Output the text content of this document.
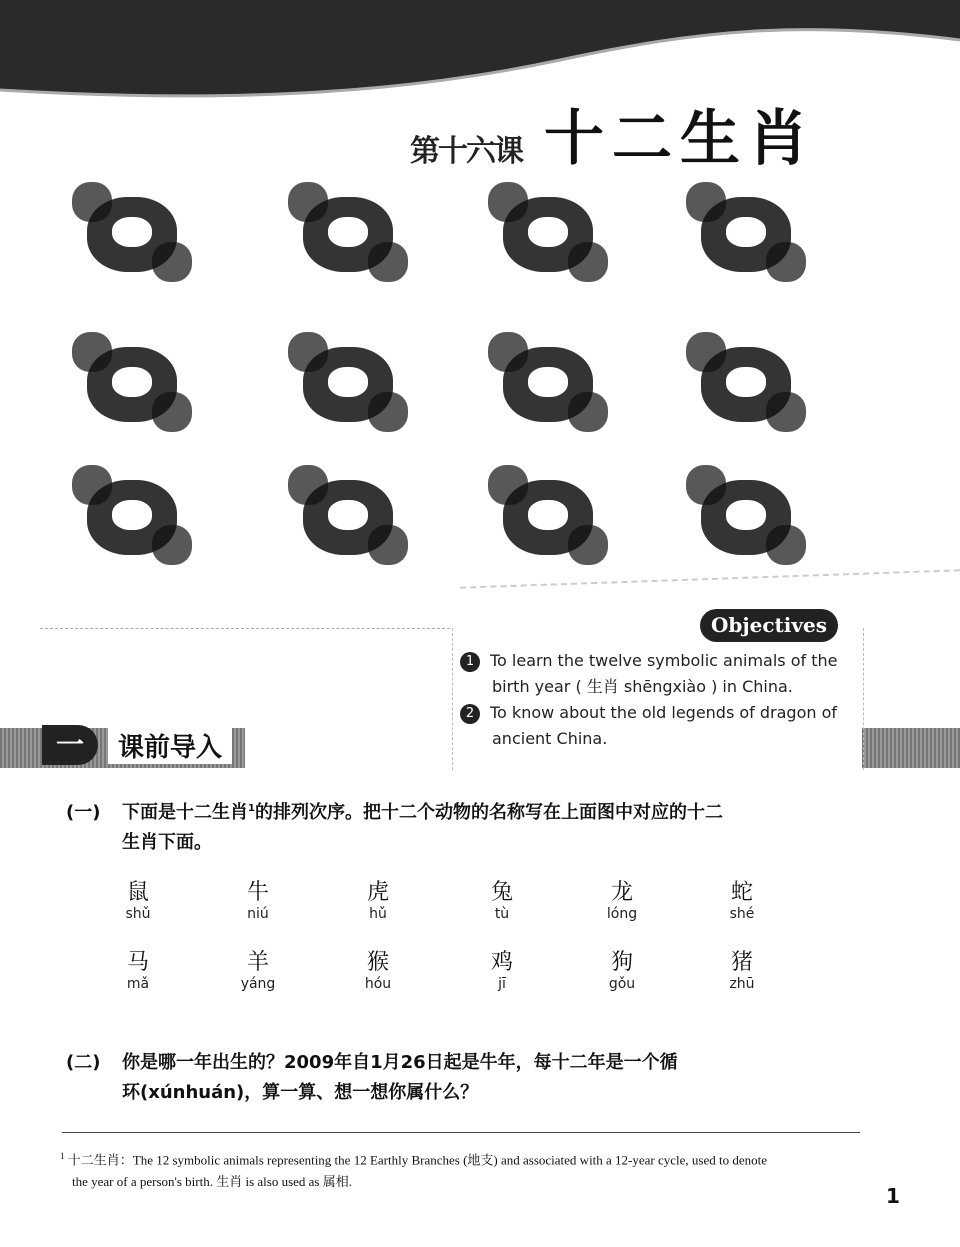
第十六课 十二生肖
一	课前导入
Objectives
1 To learn the twelve symbolic animals of the
birth year ( 生肖 shēngxiào ) in China.
2 To know about the old legends of dragon of
ancient China.
(一) 下面是十二生肖$^1$的排列次序。把十二个动物的名称写在上面图中对应的十二
生肖下面。
鼠
shǔ
牛
niú
虎
hǔ
兔
tù
龙
lóng
蛇
shé
马
mǎ
羊
yáng
猴
hóu
鸡
jī
狗
gǒu
猪
zhū
(二) 你是哪一年出生的？2009年自1月26日起是牛年，每十二年是一个循
环(xúnhuán)，算一算、想一想你属什么？
$^1$ 十二生肖：The 12 symbolic animals representing the 12 Earthly Branches (地支) and associated with a 12-year cycle, used to denote
the year of a person's birth. 生肖 is also used as 属相.
1
